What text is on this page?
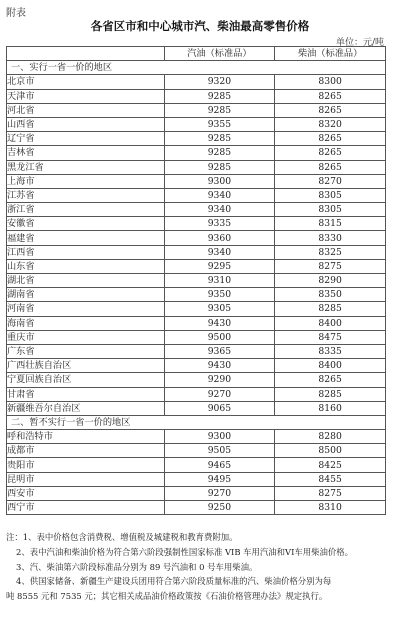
附表
各省区市和中心城市汽、柴油最高零售价格
单位：元/吨
	汽油（标准品）	柴油（标准品）
一、实行一省一价的地区		
北京市	9320	8300
天津市	9285	8265
河北省	9285	8265
山西省	9355	8320
辽宁省	9285	8265
吉林省	9285	8265
黑龙江省	9285	8265
上海市	9300	8270
江苏省	9340	8305
浙江省	9340	8305
安徽省	9335	8315
福建省	9360	8330
江西省	9340	8325
山东省	9295	8275
湖北省	9310	8290
湖南省	9350	8350
河南省	9305	8285
海南省	9430	8400
重庆市	9500	8475
广东省	9365	8335
广西壮族自治区	9430	8400
宁夏回族自治区	9290	8265
甘肃省	9270	8285
新疆维吾尔自治区	9065	8160
二、暂不实行一省一价的地区		
呼和浩特市	9300	8280
成都市	9505	8500
贵阳市	9465	8425
昆明市	9495	8455
西安市	9270	8275
西宁市	9250	8310
注：1、表中价格包含消费税、增值税及城建税和教育费附加。
2、表中汽油和柴油价格为符合第六阶段强制性国家标准 VIB 车用汽油和VI车用柴油价格。
3、汽、柴油第六阶段标准品分别为 89 号汽油和 0 号车用柴油。
4、供国家储备、新疆生产建设兵团用符合第六阶段质量标准的汽、柴油价格分别为每
吨 8555 元和 7535 元；其它相关成品油价格政策按《石油价格管理办法》规定执行。
